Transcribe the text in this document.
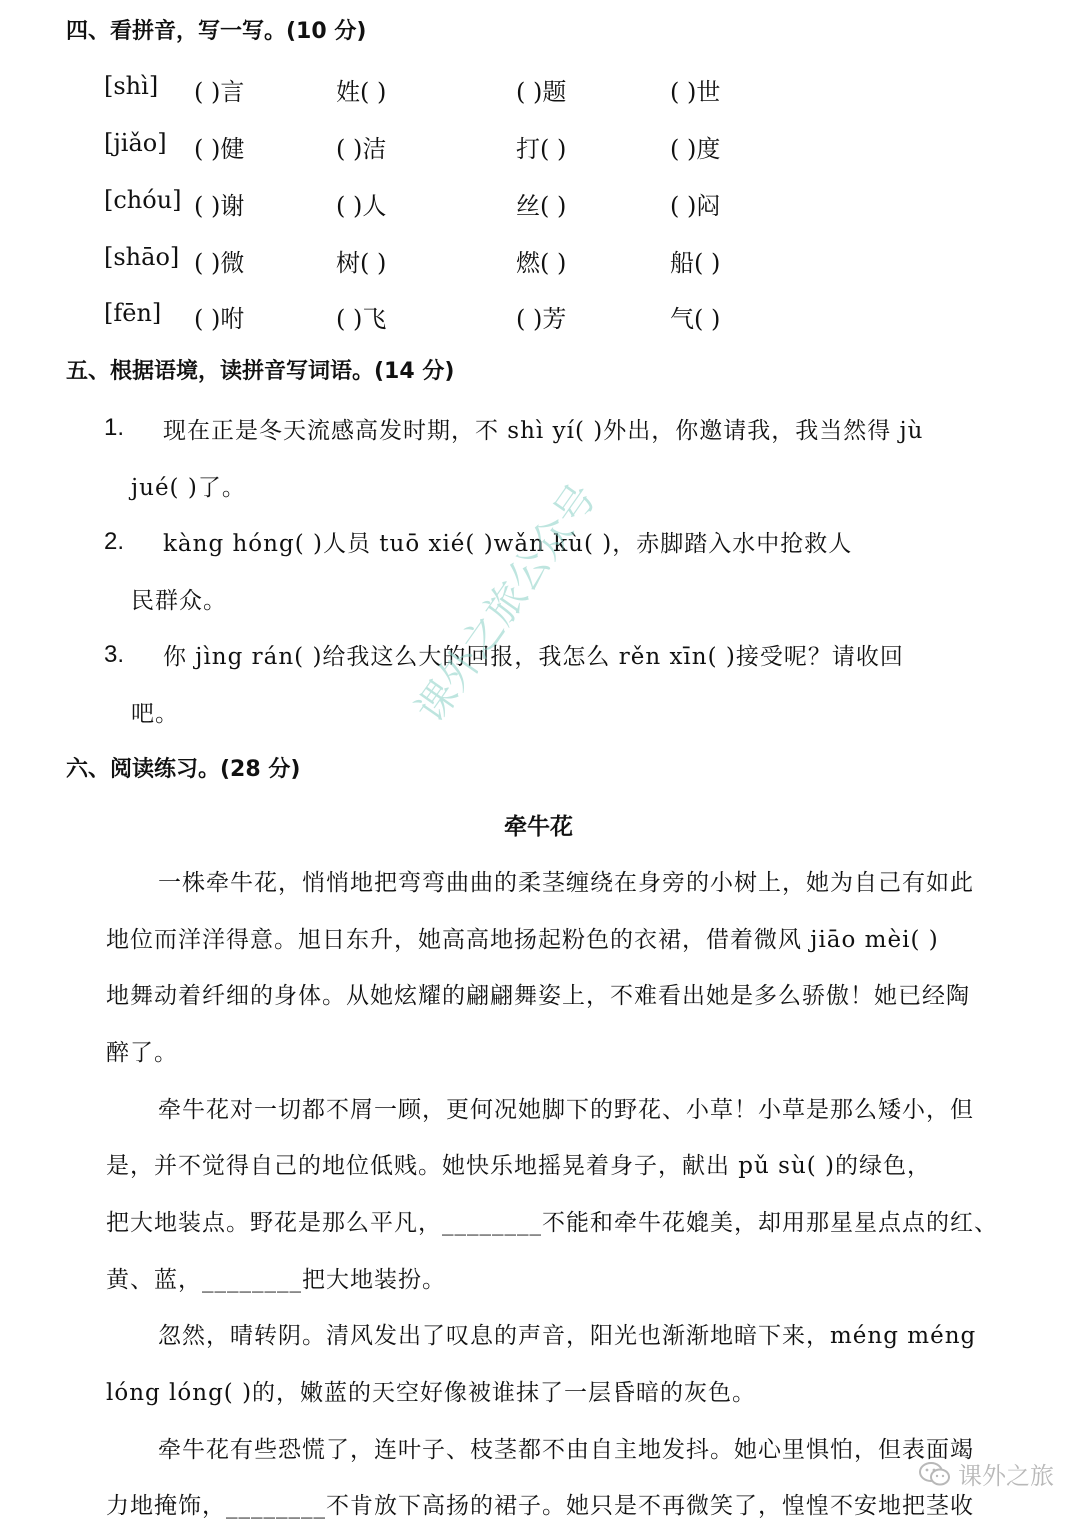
四、看拼音，写一写。(10 分)
[shì] ( )言	姓( )	( )题	( )世
[jiǎo] ( )健	( )洁	打( )	( )度
[chóu] ( )谢	( )人	丝( )	( )闷
[shāo] ( )微	树( )	燃( )	船( )
[fēn] ( )咐	( )飞	( )芳	气( )
五、根据语境，读拼音写词语。(14 分)
1. 现在正是冬天流感高发时期，不 shì yí( )外出，你邀请我，我当然得 jù
jué( )了。
2. kàng hóng( )人员 tuō xié( )wǎn kù( )，赤脚踏入水中抢救人
民群众。
3. 你 jìng rán( )给我这么大的回报，我怎么 rěn xīn( )接受呢？请收回
吧。
六、阅读练习。(28 分)
牵牛花
一株牵牛花，悄悄地把弯弯曲曲的柔茎缠绕在身旁的小树上，她为自己有如此
地位而洋洋得意。旭日东升，她高高地扬起粉色的衣裙，借着微风 jiāo mèi( )
地舞动着纤细的身体。从她炫耀的翩翩舞姿上，不难看出她是多么骄傲！她已经陶
醉了。
牵牛花对一切都不屑一顾，更何况她脚下的野花、小草！小草是那么矮小，但
是，并不觉得自己的地位低贱。她快乐地摇晃着身子，献出 pǔ sù( )的绿色，
把大地装点。野花是那么平凡，________不能和牵牛花媲美，却用那星星点点的红、
黄、蓝，________把大地装扮。
忽然，晴转阴。清风发出了叹息的声音，阳光也渐渐地暗下来，méng méng
lóng lóng( )的，嫩蓝的天空好像被谁抹了一层昏暗的灰色。
牵牛花有些恐慌了，连叶子、枝茎都不由自主地发抖。她心里惧怕，但表面竭
力地掩饰，________不肯放下高扬的裙子。她只是不再微笑了，惶惶不安地把茎收
课外之旅公众号
课外之旅
